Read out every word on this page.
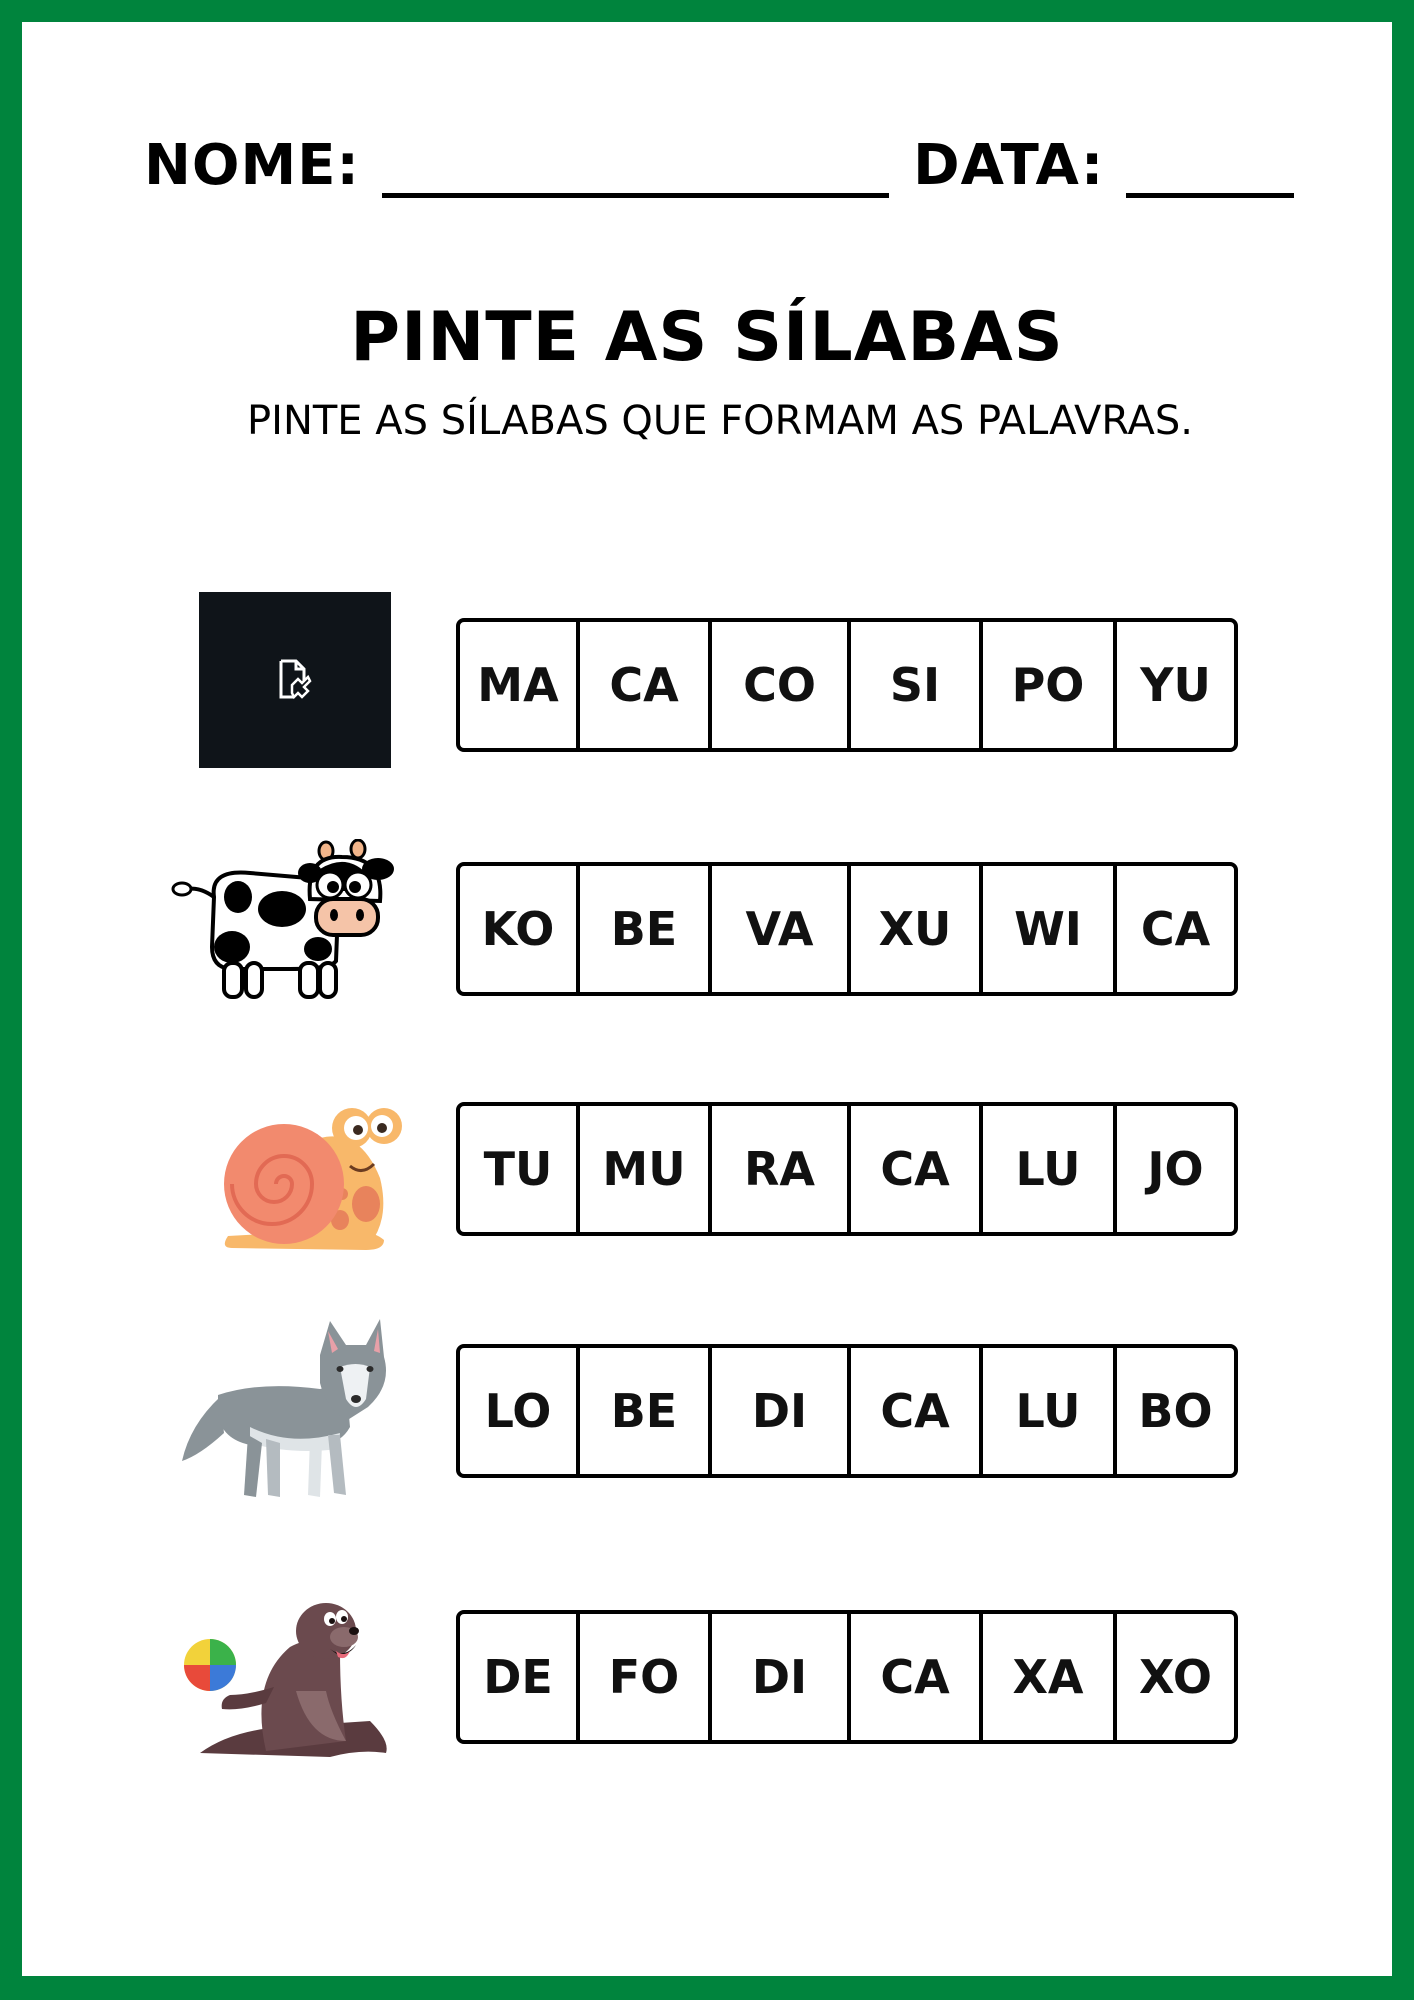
NOME:	DATA:
PINTE AS SÍLABAS
PINTE AS SÍLABAS QUE FORMAM AS PALAVRAS.
MA	CA	CO	SI	PO	YU
KO	BE	VA	XU	WI	CA
TU	MU	RA	CA	LU	JO
LO	BE	DI	CA	LU	BO
DE	FO	DI	CA	XA	XO
